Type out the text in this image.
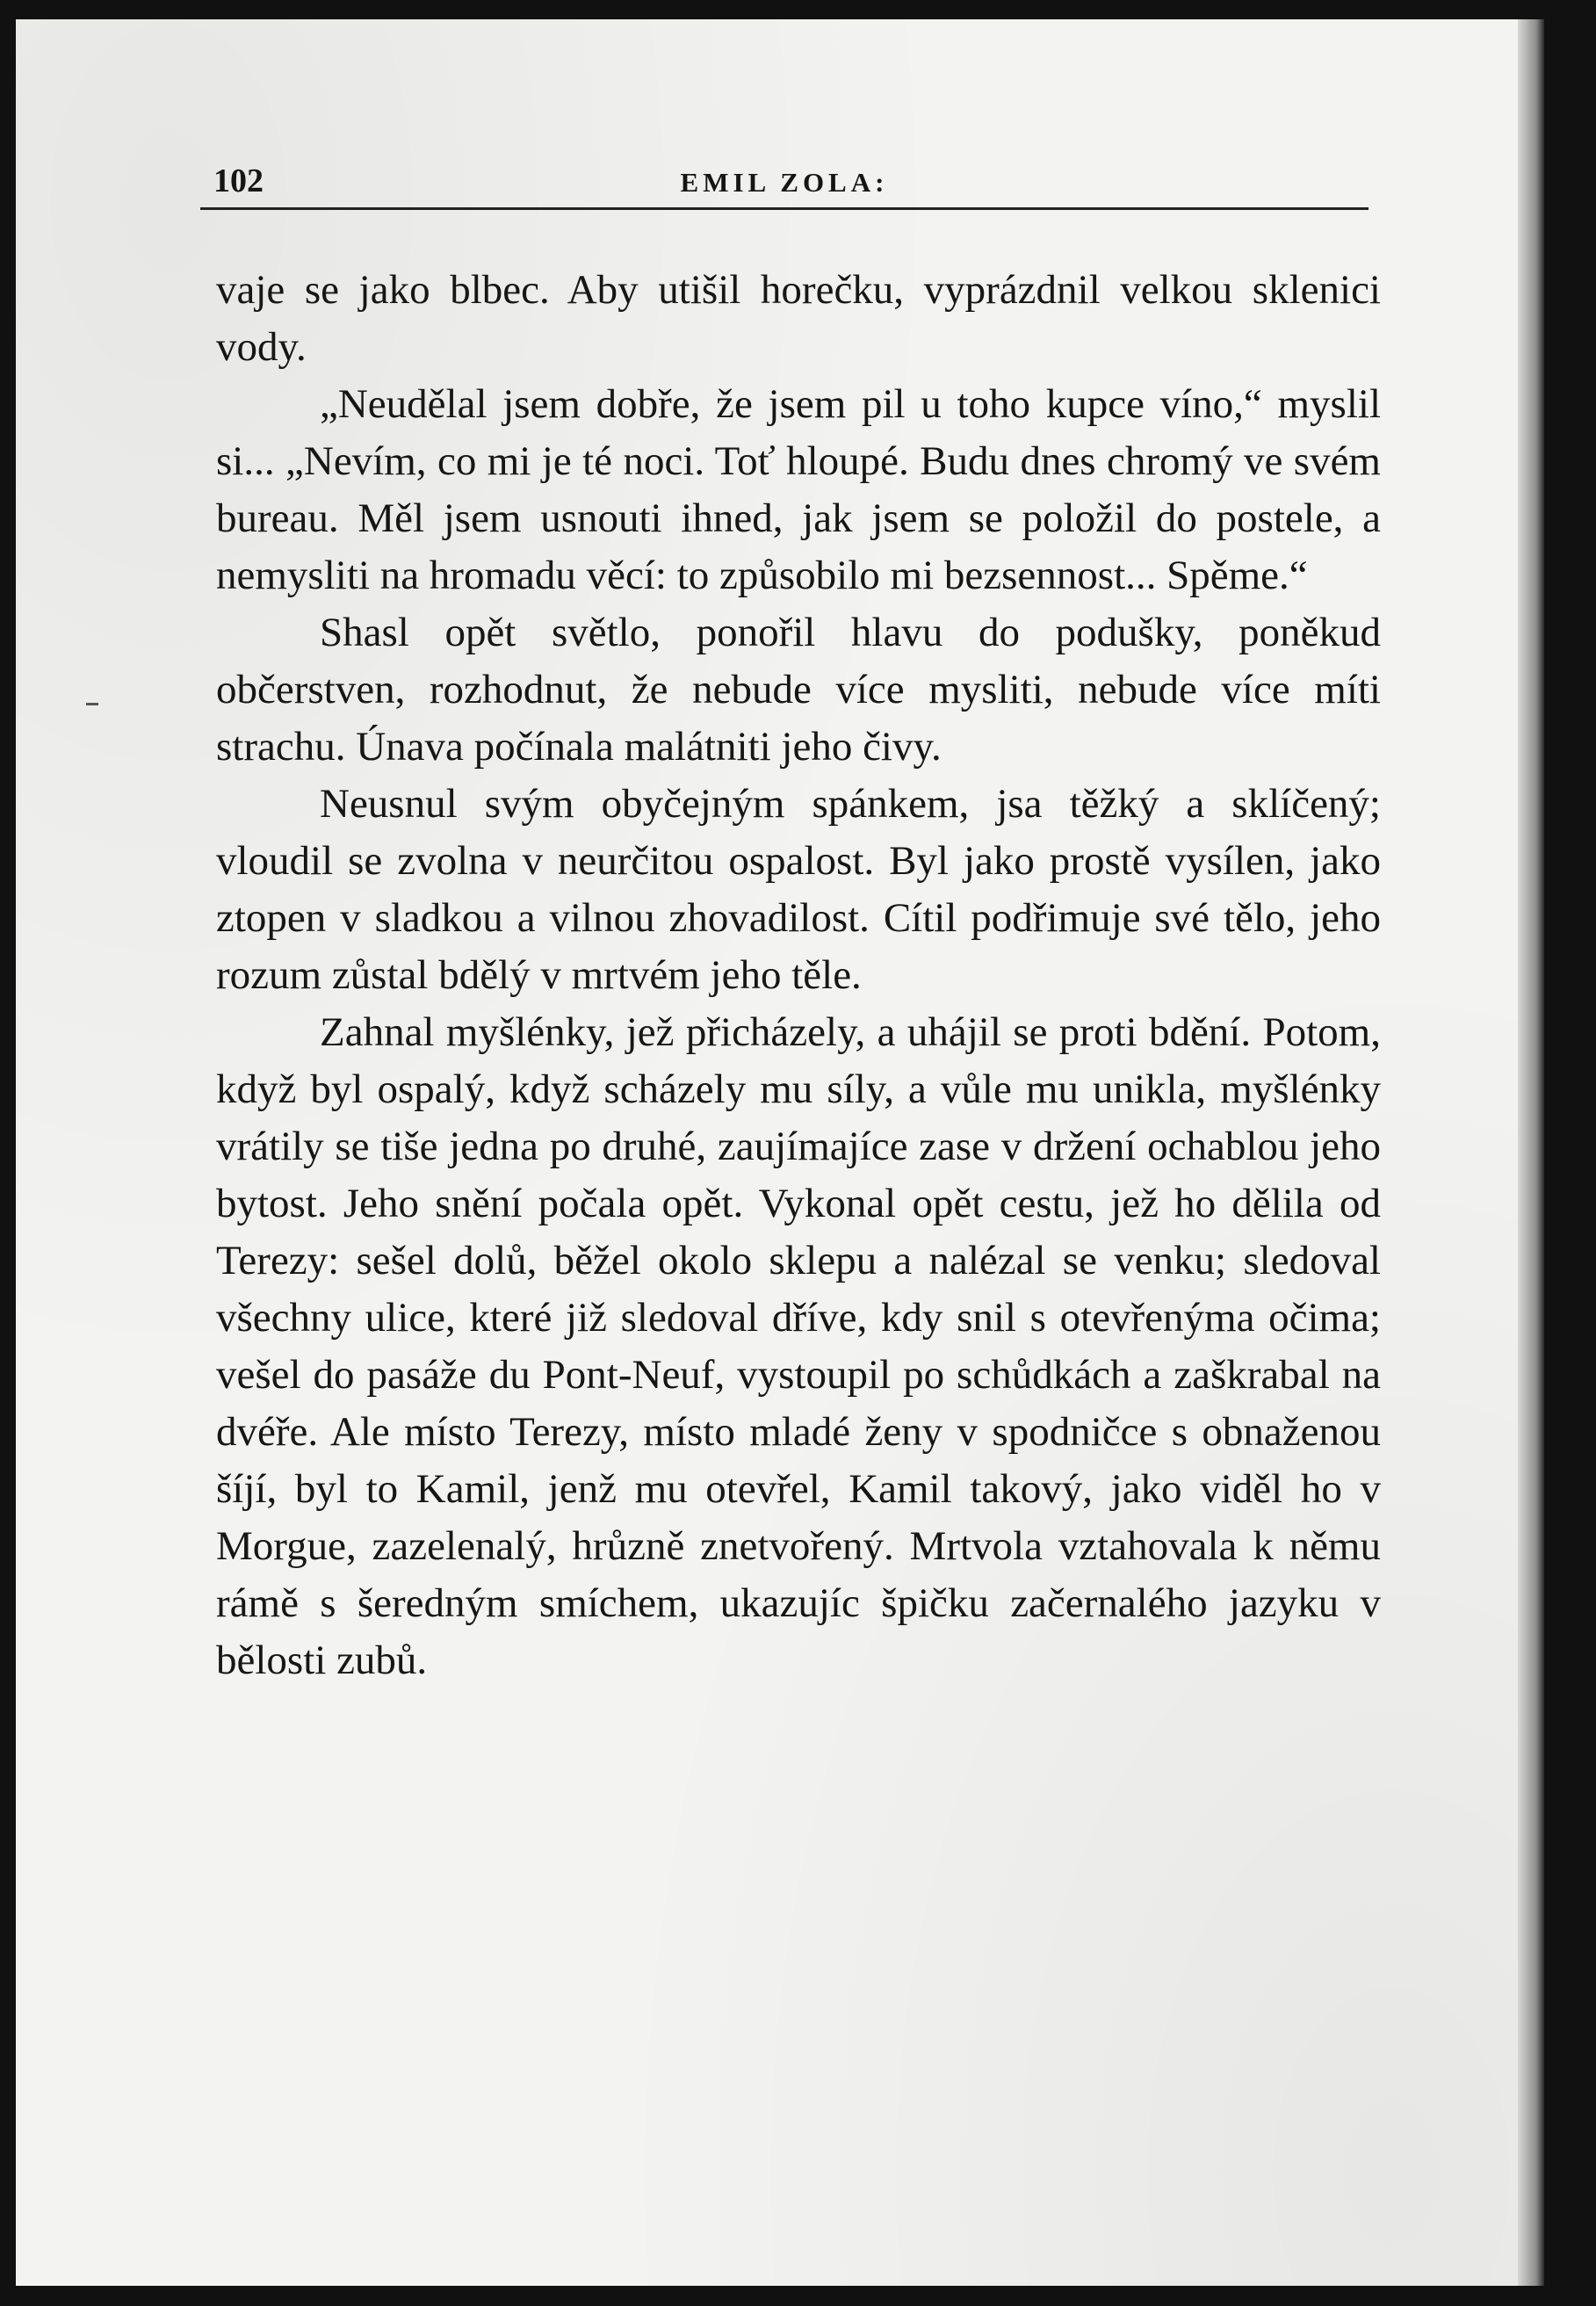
102	EMIL ZOLA:

vaje se jako blbec. Aby utišil horečku, vyprázdnil velkou sklenici vody.

„Neudělal jsem dobře, že jsem pil u toho kupce víno,“ myslil si... „Nevím, co mi je té noci. Toť hloupé. Budu dnes chromý ve svém bureau. Měl jsem usnouti ihned, jak jsem se položil do postele, a nemysliti na hromadu věcí: to způsobilo mi bezsennost... Spěme.“

Shasl opět světlo, ponořil hlavu do podušky, poněkud občerstven, rozhodnut, že nebude více mysliti, nebude více míti strachu. Únava počínala malátniti jeho čivy.

Neusnul svým obyčejným spánkem, jsa těžký a sklíčený; vloudil se zvolna v neurčitou ospalost. Byl jako prostě vysílen, jako ztopen v sladkou a vilnou zhovadilost. Cítil podřimuje své tělo, jeho rozum zůstal bdělý v mrtvém jeho těle.

Zahnal myšlénky, jež přicházely, a uhájil se proti bdění. Potom, když byl ospalý, když scházely mu síly, a vůle mu unikla, myšlénky vrátily se tiše jedna po druhé, zaujímajíce zase v držení ochablou jeho bytost. Jeho snění počala opět. Vykonal opět cestu, jež ho dělila od Terezy: sešel dolů, běžel okolo sklepu a nalézal se venku; sledoval všechny ulice, které již sledoval dříve, kdy snil s otevřenýma očima; vešel do pasáže du Pont-Neuf, vystoupil po schůdkách a zaškrabal na dvéře. Ale místo Terezy, místo mladé ženy v spodničce s obnaženou šíjí, byl to Kamil, jenž mu otevřel, Kamil takový, jako viděl ho v Morgue, zazelenalý, hrůzně znetvořený. Mrtvola vztahovala k němu rámě s šeredným smíchem, ukazujíc špičku začernalého jazyku v bělosti zubů.
